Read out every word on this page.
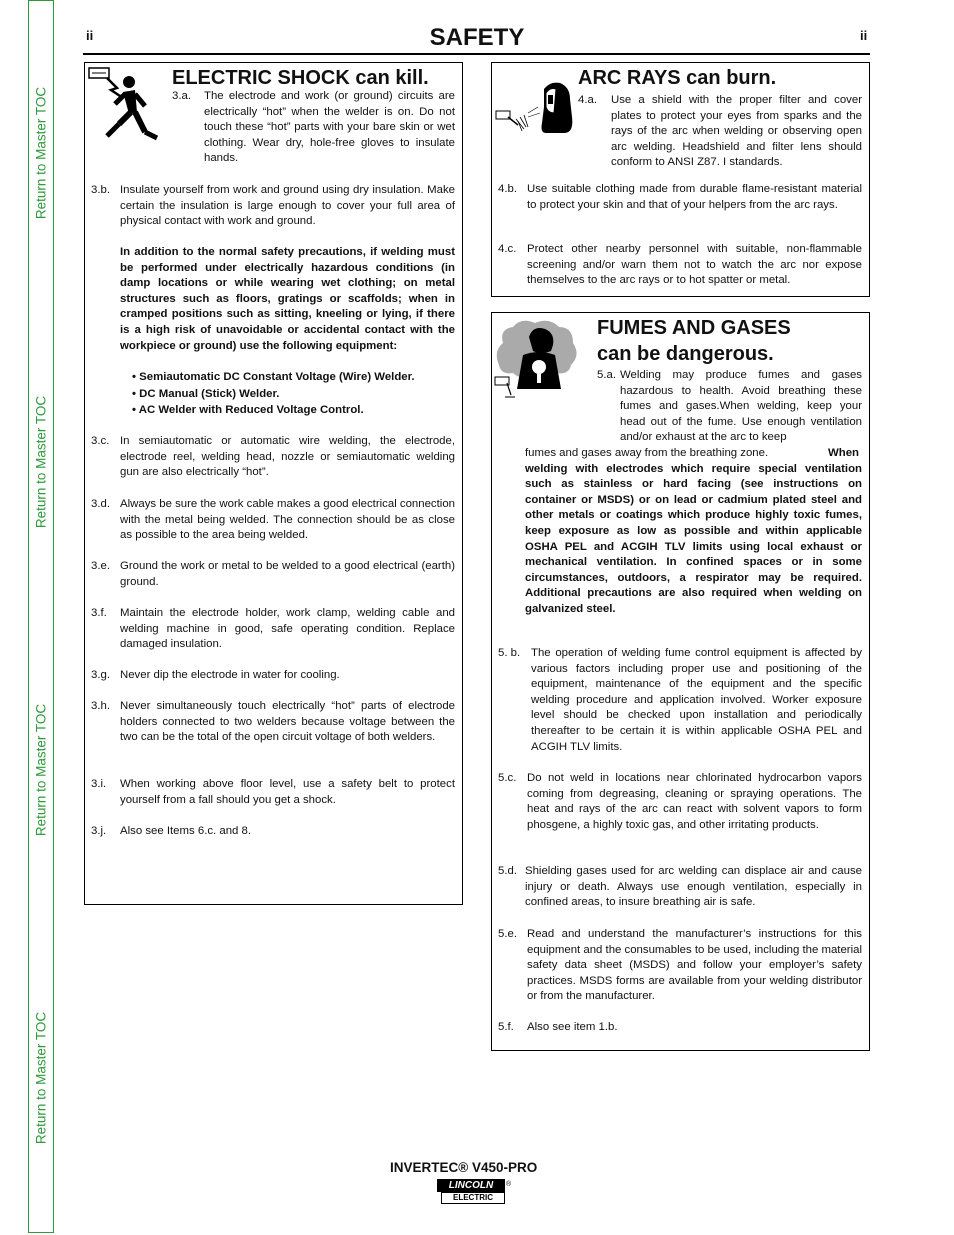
Return to Master TOC
Return to Master TOC
Return to Master TOC
Return to Master TOC
ii	SAFETY	ii
ELECTRIC SHOCK can kill.
3.a. The electrode and work (or ground) circuits are electrically “hot” when the welder is on. Do not touch these “hot” parts with your bare skin or wet clothing. Wear dry, hole-free gloves to insulate hands.
3.b. Insulate yourself from work and ground using dry insulation. Make certain the insulation is large enough to cover your full area of physical contact with work and ground.
In addition to the normal safety precautions, if welding must be performed under electrically hazardous conditions (in damp locations or while wearing wet clothing; on metal structures such as floors, gratings or scaffolds; when in cramped positions such as sitting, kneeling or lying, if there is a high risk of unavoidable or accidental contact with the workpiece or ground) use the following equipment:
• Semiautomatic DC Constant Voltage (Wire) Welder.
• DC Manual (Stick) Welder.
• AC Welder with Reduced Voltage Control.
3.c. In semiautomatic or automatic wire welding, the electrode, electrode reel, welding head, nozzle or semiautomatic welding gun are also electrically “hot”.
3.d. Always be sure the work cable makes a good electrical connection with the metal being welded. The connection should be as close as possible to the area being welded.
3.e. Ground the work or metal to be welded to a good electrical (earth) ground.
3.f. Maintain the electrode holder, work clamp, welding cable and welding machine in good, safe operating condition. Replace damaged insulation.
3.g. Never dip the electrode in water for cooling.
3.h. Never simultaneously touch electrically “hot” parts of electrode holders connected to two welders because voltage between the two can be the total of the open circuit voltage of both welders.
3.i. When working above floor level, use a safety belt to protect yourself from a fall should you get a shock.
3.j. Also see Items 6.c. and 8.
ARC RAYS can burn.
4.a. Use a shield with the proper filter and cover plates to protect your eyes from sparks and the rays of the arc when welding or observing open arc welding. Headshield and filter lens should conform to ANSI Z87. I standards.
4.b. Use suitable clothing made from durable flame-resistant material to protect your skin and that of your helpers from the arc rays.
4.c. Protect other nearby personnel with suitable, non-flammable screening and/or warn them not to watch the arc nor expose themselves to the arc rays or to hot spatter or metal.
FUMES AND GASES
can be dangerous.
5.a. Welding may produce fumes and gases hazardous to health. Avoid breathing these fumes and gases.When welding, keep your head out of the fume. Use enough ventilation and/or exhaust at the arc to keep
fumes and gases away from the breathing zone.	When welding with electrodes which require special ventilation such as stainless or hard facing (see instructions on container or MSDS) or on lead or cadmium plated steel and other metals or coatings which produce highly toxic fumes, keep exposure as low as possible and within applicable OSHA PEL and ACGIH TLV limits using local exhaust or mechanical ventilation. In confined spaces or in some circumstances, outdoors, a respirator may be required. Additional precautions are also required when welding on galvanized steel.
5. b. The operation of welding fume control equipment is affected by various factors including proper use and positioning of the equipment, maintenance of the equipment and the specific welding procedure and application involved. Worker exposure level should be checked upon installation and periodically thereafter to be certain it is within applicable OSHA PEL and ACGIH TLV limits.
5.c. Do not weld in locations near chlorinated hydrocarbon vapors coming from degreasing, cleaning or spraying operations. The heat and rays of the arc can react with solvent vapors to form phosgene, a highly toxic gas, and other irritating products.
5.d. Shielding gases used for arc welding can displace air and cause injury or death. Always use enough ventilation, especially in confined areas, to insure breathing air is safe.
5.e. Read and understand the manufacturer’s instructions for this equipment and the consumables to be used, including the material safety data sheet (MSDS) and follow your employer’s safety practices. MSDS forms are available from your welding distributor or from the manufacturer.
5.f. Also see item 1.b.
INVERTEC® V450-PRO
LINCOLN
ELECTRIC
®
